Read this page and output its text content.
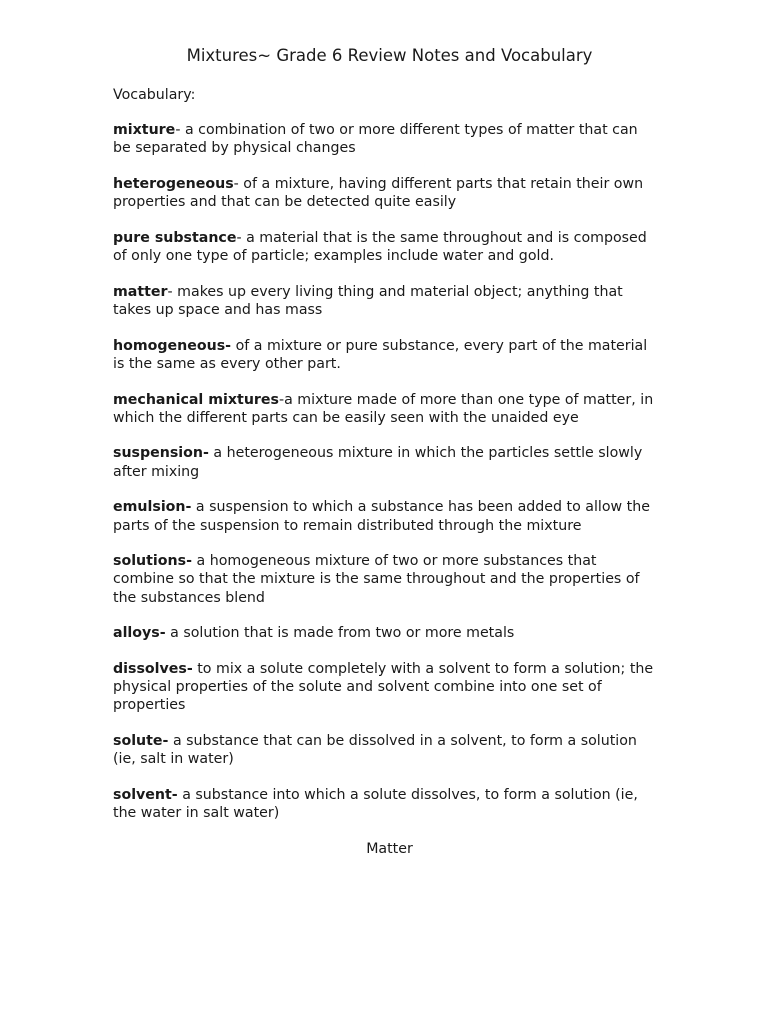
Mixtures~ Grade 6 Review Notes and Vocabulary
Vocabulary:
mixture- a combination of two or more different types of matter that can be separated by physical changes
heterogeneous- of a mixture, having different parts that retain their own properties and that can be detected quite easily
pure substance- a material that is the same throughout and is composed of only one type of particle; examples include water and gold.
matter- makes up every living thing and material object; anything that takes up space and has mass
homogeneous- of a mixture or pure substance, every part of the material is the same as every other part.
mechanical mixtures-a mixture made of more than one type of matter, in which the different parts can be easily seen with the unaided eye
suspension- a heterogeneous mixture in which the particles settle slowly after mixing
emulsion- a suspension to which a substance has been added to allow the parts of the suspension to remain distributed through the mixture
solutions- a homogeneous mixture of two or more substances that combine so that the mixture is the same throughout and the properties of the substances blend
alloys- a solution that is made from two or more metals
dissolves- to mix a solute completely with a solvent to form a solution; the physical properties of the solute and solvent combine into one set of properties
solute- a substance that can be dissolved in a solvent, to form a solution (ie, salt in water)
solvent- a substance into which a solute dissolves, to form a solution (ie, the water in salt water)
Matter
